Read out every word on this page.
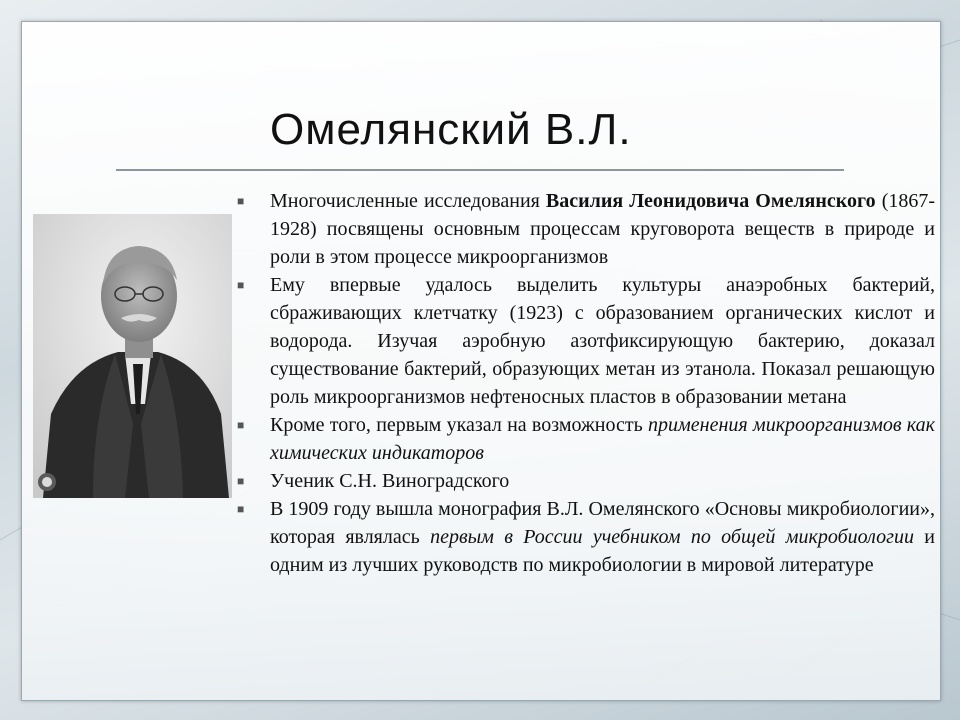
Омелянский В.Л.
■ Многочисленные исследования Василия Леонидовича Омелянского (1867-1928) посвящены основным процессам круговорота веществ в природе и роли в этом процессе микроорганизмов
■ Ему впервые удалось выделить культуры анаэробных бактерий, сбраживающих клетчатку (1923) с образованием органических кислот и водорода. Изучая аэробную азотфиксирующую бактерию, доказал существование бактерий, образующих метан из этанола. Показал решающую роль микроорганизмов нефтеносных пластов в образовании метана
■ Кроме того, первым указал на возможность применения микроорганизмов как химических индикаторов
■ Ученик С.Н. Виноградского
■ В 1909 году вышла монография В.Л. Омелянского «Основы микробиологии», которая являлась первым в России учебником по общей микробиологии и одним из лучших руководств по микробиологии в мировой литературе
